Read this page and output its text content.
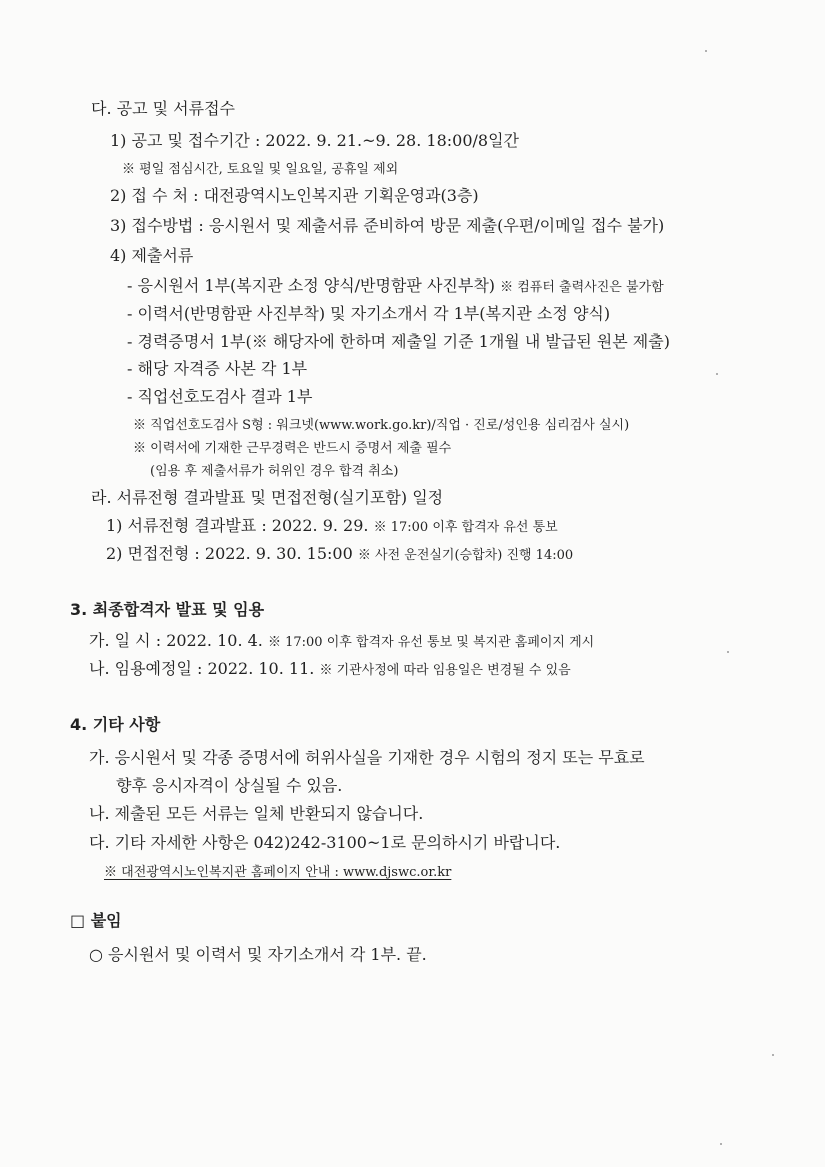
다. 공고 및 서류접수
1) 공고 및 접수기간 : 2022. 9. 21.~9. 28. 18:00/8일간
※ 평일 점심시간, 토요일 및 일요일, 공휴일 제외
2) 접 수 처 : 대전광역시노인복지관 기획운영과(3층)
3) 접수방법 : 응시원서 및 제출서류 준비하여 방문 제출(우편/이메일 접수 불가)
4) 제출서류
- 응시원서 1부(복지관 소정 양식/반명함판 사진부착) ※ 컴퓨터 출력사진은 불가함
- 이력서(반명함판 사진부착) 및 자기소개서 각 1부(복지관 소정 양식)
- 경력증명서 1부(※ 해당자에 한하며 제출일 기준 1개월 내 발급된 원본 제출)
- 해당 자격증 사본 각 1부
- 직업선호도검사 결과 1부
※ 직업선호도검사 S형 : 워크넷(www.work.go.kr)/직업 · 진로/성인용 심리검사 실시)
※ 이력서에 기재한 근무경력은 반드시 증명서 제출 필수
(임용 후 제출서류가 허위인 경우 합격 취소)
라. 서류전형 결과발표 및 면접전형(실기포함) 일정
1) 서류전형 결과발표 : 2022. 9. 29. ※ 17:00 이후 합격자 유선 통보
2) 면접전형 : 2022. 9. 30. 15:00 ※ 사전 운전실기(승합차) 진행 14:00
3. 최종합격자 발표 및 임용
가. 일 시 : 2022. 10. 4. ※ 17:00 이후 합격자 유선 통보 및 복지관 홈페이지 게시
나. 임용예정일 : 2022. 10. 11. ※ 기관사정에 따라 임용일은 변경될 수 있음
4. 기타 사항
가. 응시원서 및 각종 증명서에 허위사실을 기재한 경우 시험의 정지 또는 무효로
향후 응시자격이 상실될 수 있음.
나. 제출된 모든 서류는 일체 반환되지 않습니다.
다. 기타 자세한 사항은 042)242-3100~1로 문의하시기 바랍니다.
※ 대전광역시노인복지관 홈페이지 안내 : www.djswc.or.kr
□ 붙임
○ 응시원서 및 이력서 및 자기소개서 각 1부. 끝.
